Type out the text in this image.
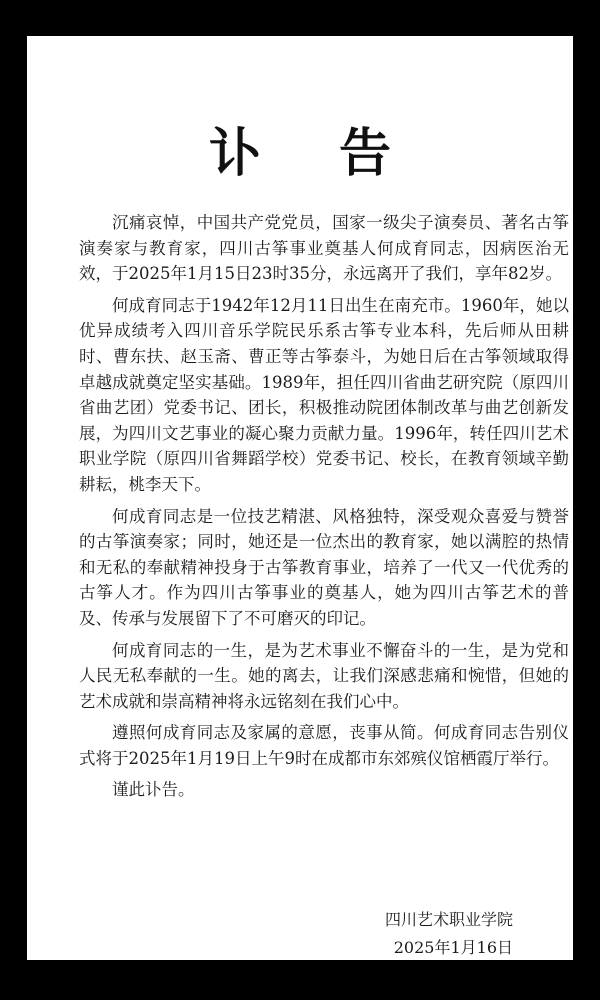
讣 告

沉痛哀悼，中国共产党党员，国家一级尖子演奏员、著名古筝演奏家与教育家，四川古筝事业奠基人何成育同志，因病医治无效，于2025年1月15日23时35分，永远离开了我们，享年82岁。

何成育同志于1942年12月11日出生在南充市。1960年，她以优异成绩考入四川音乐学院民乐系古筝专业本科，先后师从田耕时、曹东扶、赵玉斋、曹正等古筝泰斗，为她日后在古筝领域取得卓越成就奠定坚实基础。1989年，担任四川省曲艺研究院（原四川省曲艺团）党委书记、团长，积极推动院团体制改革与曲艺创新发展，为四川文艺事业的凝心聚力贡献力量。1996年，转任四川艺术职业学院（原四川省舞蹈学校）党委书记、校长，在教育领域辛勤耕耘，桃李天下。

何成育同志是一位技艺精湛、风格独特，深受观众喜爱与赞誉的古筝演奏家；同时，她还是一位杰出的教育家，她以满腔的热情和无私的奉献精神投身于古筝教育事业，培养了一代又一代优秀的古筝人才。作为四川古筝事业的奠基人，她为四川古筝艺术的普及、传承与发展留下了不可磨灭的印记。

何成育同志的一生，是为艺术事业不懈奋斗的一生，是为党和人民无私奉献的一生。她的离去，让我们深感悲痛和惋惜，但她的艺术成就和崇高精神将永远铭刻在我们心中。

遵照何成育同志及家属的意愿，丧事从简。何成育同志告别仪式将于2025年1月19日上午9时在成都市东郊殡仪馆栖霞厅举行。

谨此讣告。

四川艺术职业学院
2025年1月16日
